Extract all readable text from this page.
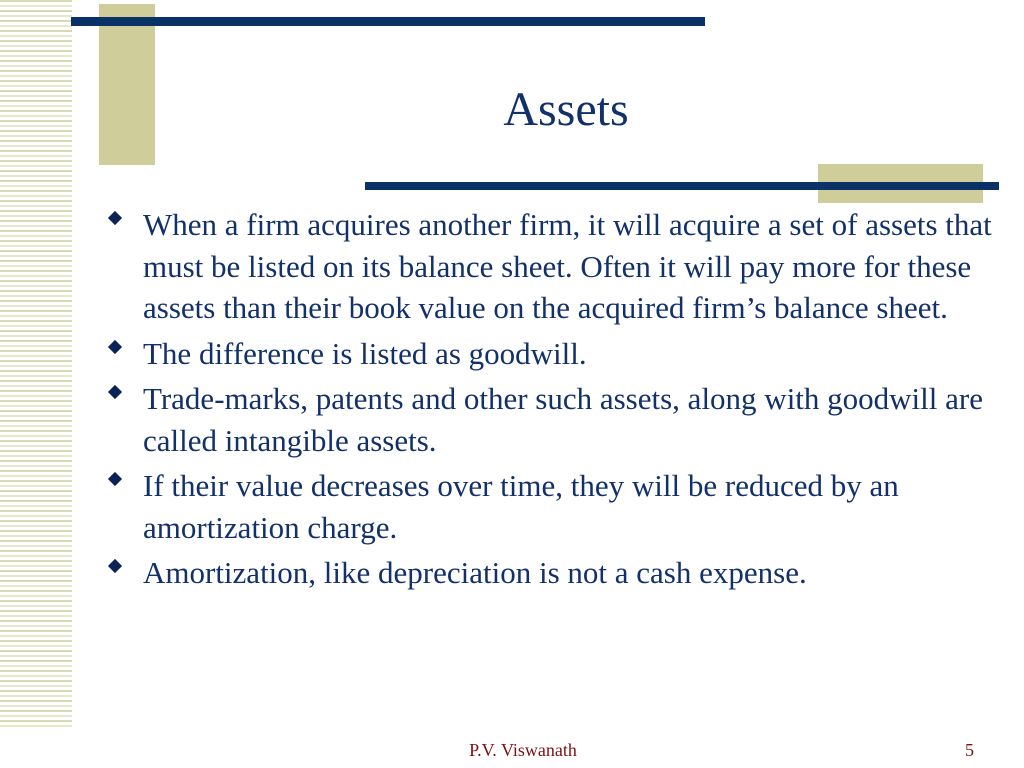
Assets
When a firm acquires another firm, it will acquire a set of assets that must be listed on its balance sheet. Often it will pay more for these assets than their book value on the acquired firm’s balance sheet.
The difference is listed as goodwill.
Trade-marks, patents and other such assets, along with goodwill are called intangible assets.
If their value decreases over time, they will be reduced by an amortization charge.
Amortization, like depreciation is not a cash expense.
P.V. Viswanath	5
